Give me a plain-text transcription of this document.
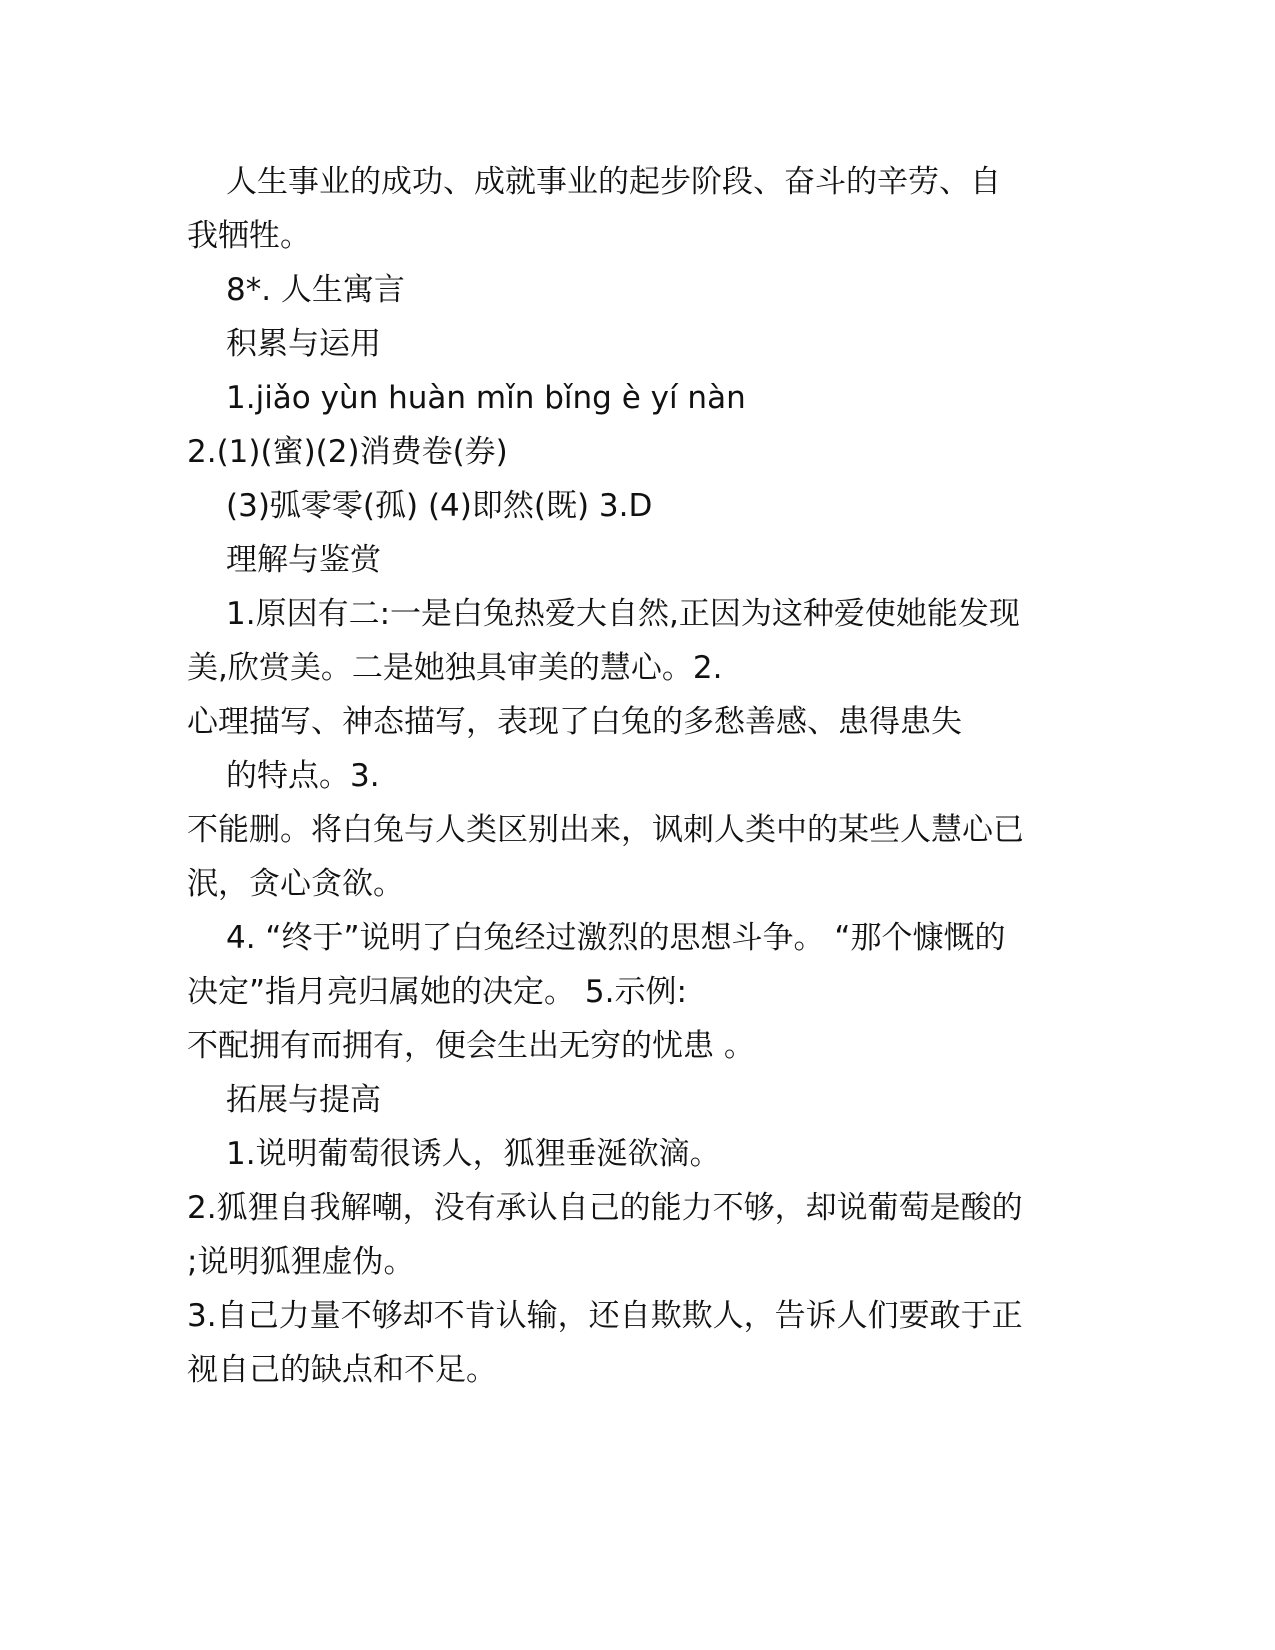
人生事业的成功、成就事业的起步阶段、奋斗的辛劳、自
我牺牲。
8*. 人生寓言
积累与运用
1.jiǎo yùn huàn mǐn bǐng è yí nàn
2.(1)(蜜)(2)消费卷(券)
(3)弧零零(孤) (4)即然(既) 3.D
理解与鉴赏
1.原因有二:一是白兔热爱大自然,正因为这种爱使她能发现
美,欣赏美。二是她独具审美的慧心。2.
心理描写、神态描写，表现了白兔的多愁善感、患得患失
的特点。3.
不能删。将白兔与人类区别出来，讽刺人类中的某些人慧心已
泯，贪心贪欲。
4. “终于”说明了白兔经过激烈的思想斗争。 “那个慷慨的
决定”指月亮归属她的决定。 5.示例:
不配拥有而拥有，便会生出无穷的忧患 。
拓展与提高
1.说明葡萄很诱人，狐狸垂涎欲滴。
2.狐狸自我解嘲，没有承认自己的能力不够，却说葡萄是酸的
;说明狐狸虚伪。
3.自己力量不够却不肯认输，还自欺欺人，告诉人们要敢于正
视自己的缺点和不足。
